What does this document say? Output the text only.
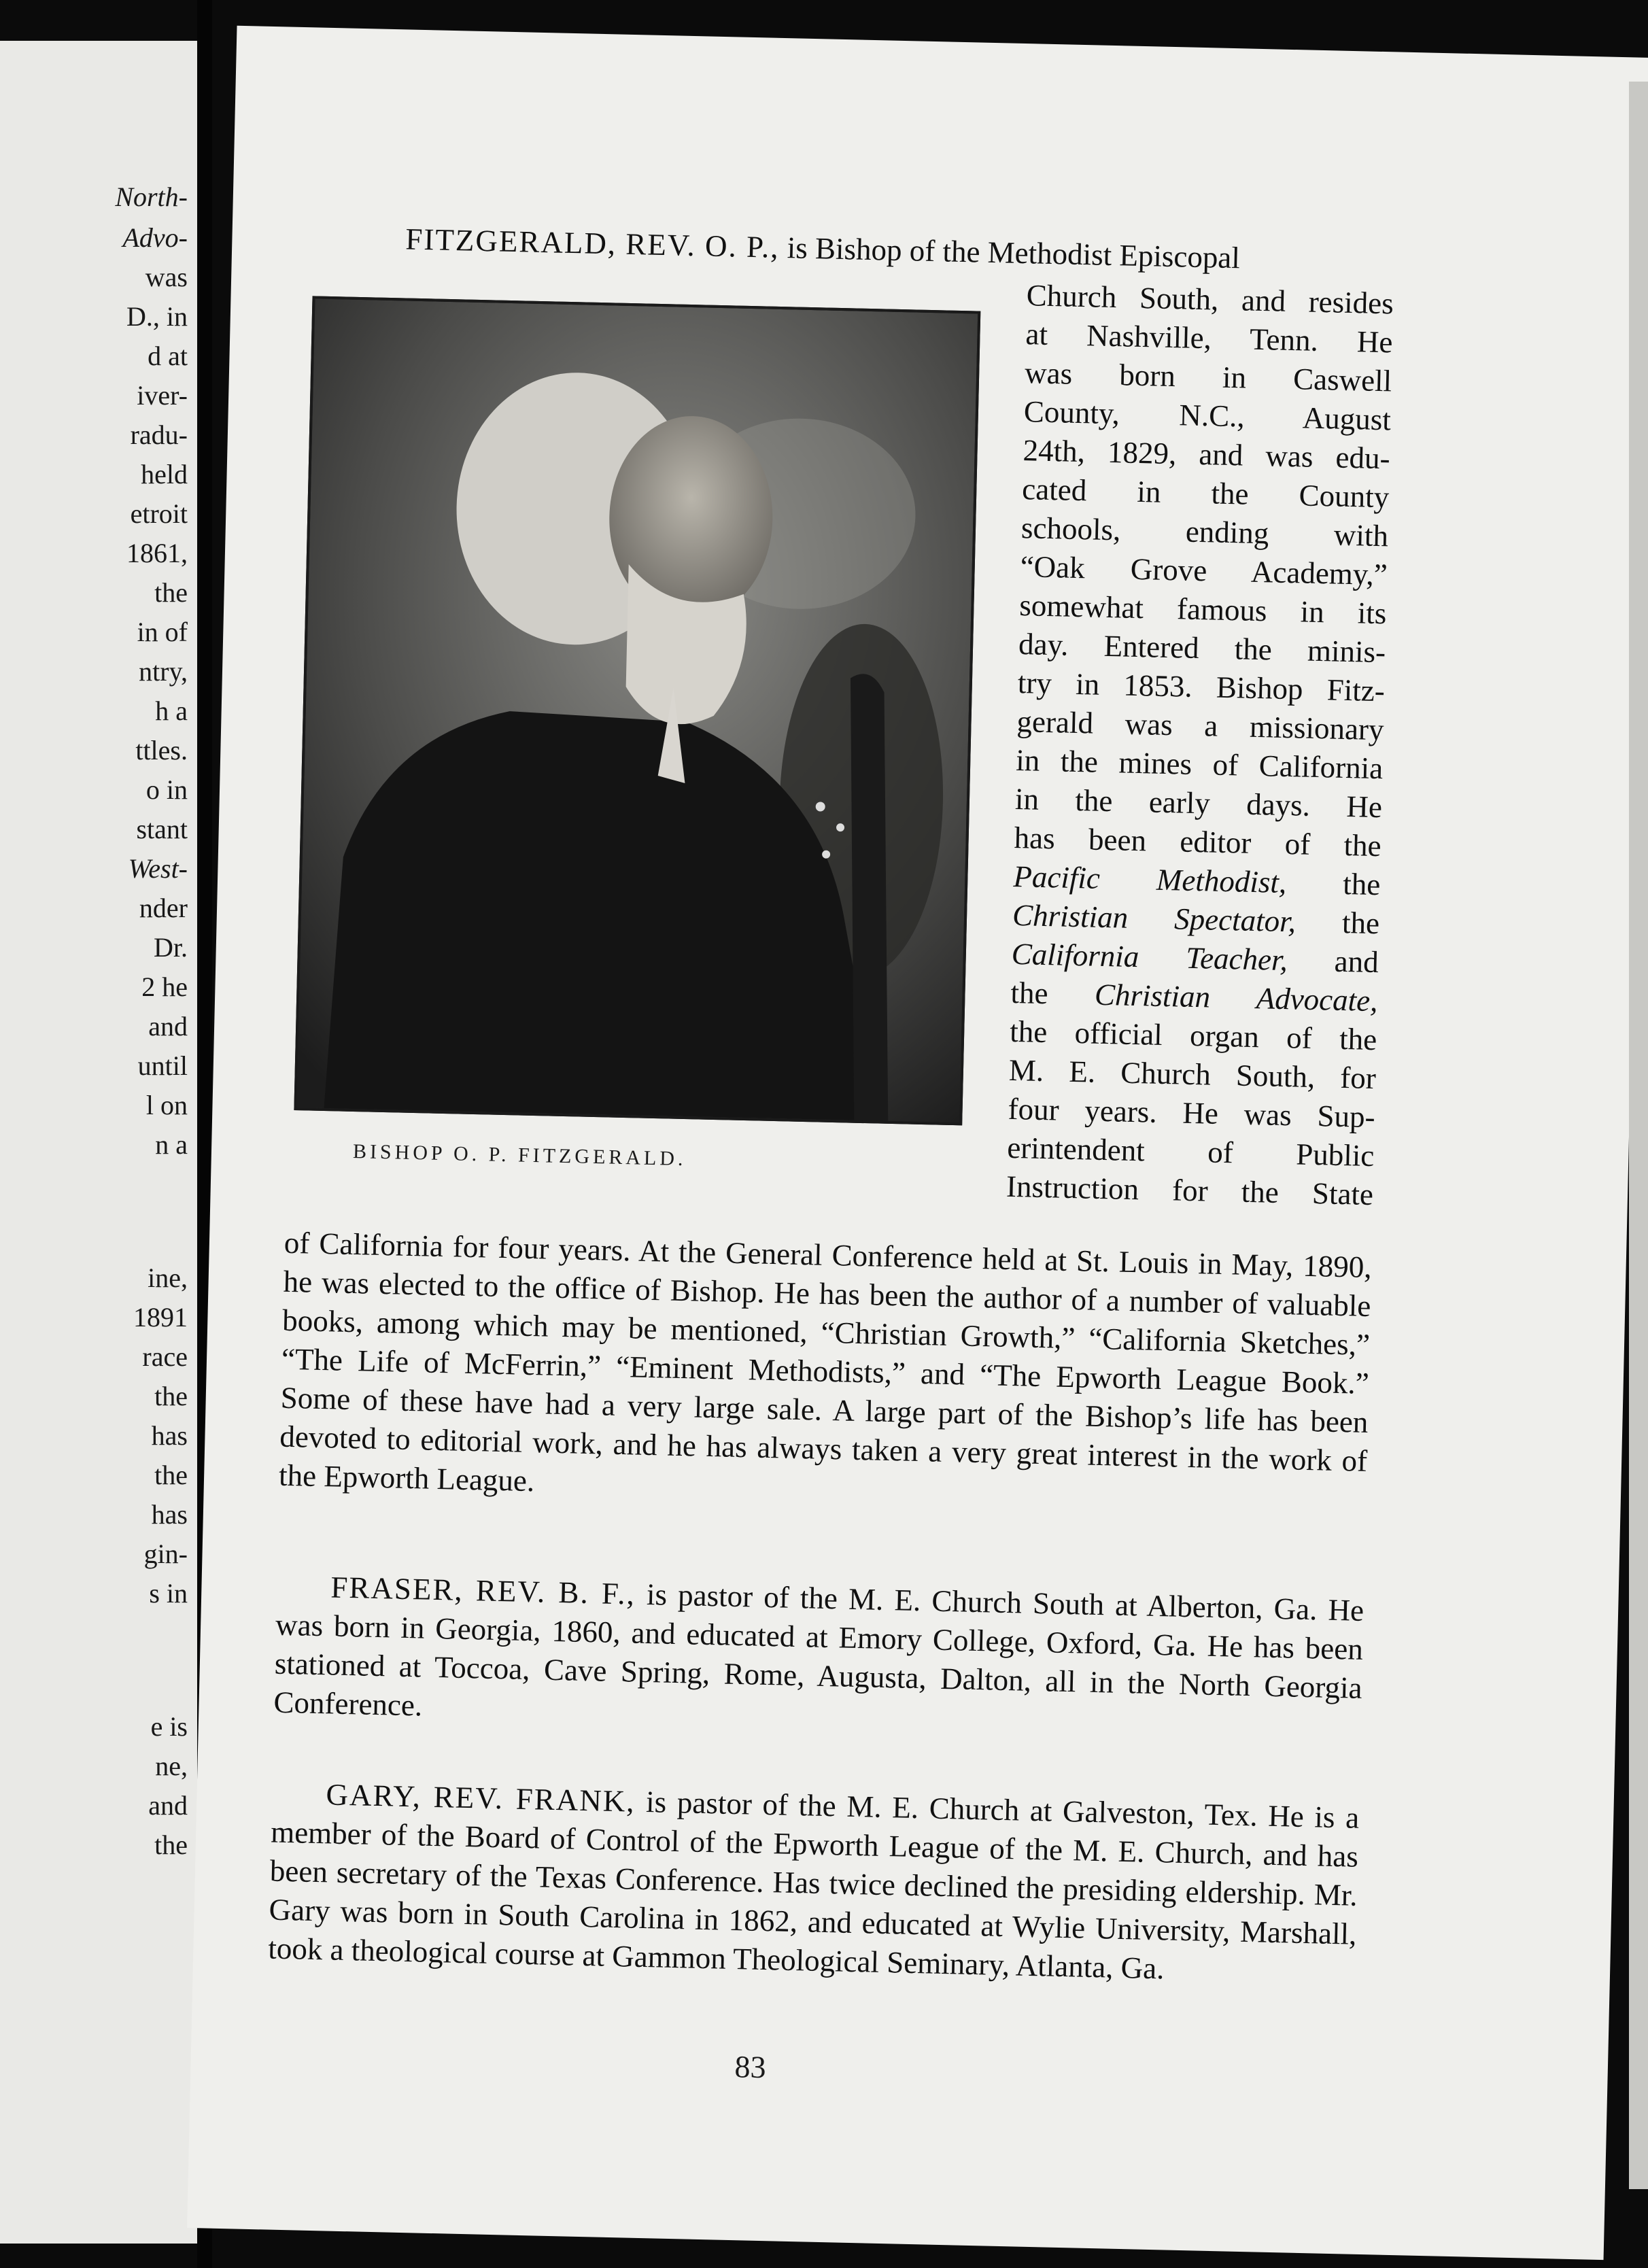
North-
Advo-
was
D., in
d at
iver-
radu-
held
etroit
1861,
the
in of
ntry,
h a
ttles.
o in
stant
West-
nder
Dr.
2 he
and
until
l on
n a
ine,
1891
race
the
has
the
has
gin-
s in
e is
ne,
and
the
FITZGERALD, REV. O. P., is Bishop of the Methodist Episcopal
BISHOP O. P. FITZGERALD.
Church South, and resides
at Nashville, Tenn. He
was born in Caswell
County, N.C., August
24th, 1829, and was edu-
cated in the County
schools, ending with
“Oak Grove Academy,”
somewhat famous in its
day. Entered the minis-
try in 1853. Bishop Fitz-
gerald was a missionary
in the mines of California
in the early days. He
has been editor of the
Pacific Methodist, the
Christian Spectator, the
California Teacher, and
the Christian Advocate,
the official organ of the
M. E. Church South, for
four years. He was Sup-
erintendent of Public
Instruction for the State
of California for four years. At the General Conference held at St. Louis in May, 1890, he was elected to the office of Bishop. He has been the author of a number of valuable books, among which may be mentioned, “Christian Growth,” “California Sketches,” “The Life of McFerrin,” “Eminent Methodists,” and “The Epworth League Book.” Some of these have had a very large sale. A large part of the Bishop’s life has been devoted to editorial work, and he has always taken a very great interest in the work of the Epworth League.
FRASER, REV. B. F., is pastor of the M. E. Church South at Alberton, Ga. He was born in Georgia, 1860, and educated at Emory College, Oxford, Ga. He has been stationed at Toccoa, Cave Spring, Rome, Augusta, Dalton, all in the North Georgia Conference.
GARY, REV. FRANK, is pastor of the M. E. Church at Galveston, Tex. He is a member of the Board of Control of the Epworth League of the M. E. Church, and has been secretary of the Texas Conference. Has twice declined the presiding eldership. Mr. Gary was born in South Carolina in 1862, and educated at Wylie University, Marshall, took a theological course at Gammon Theological Seminary, Atlanta, Ga.
83
